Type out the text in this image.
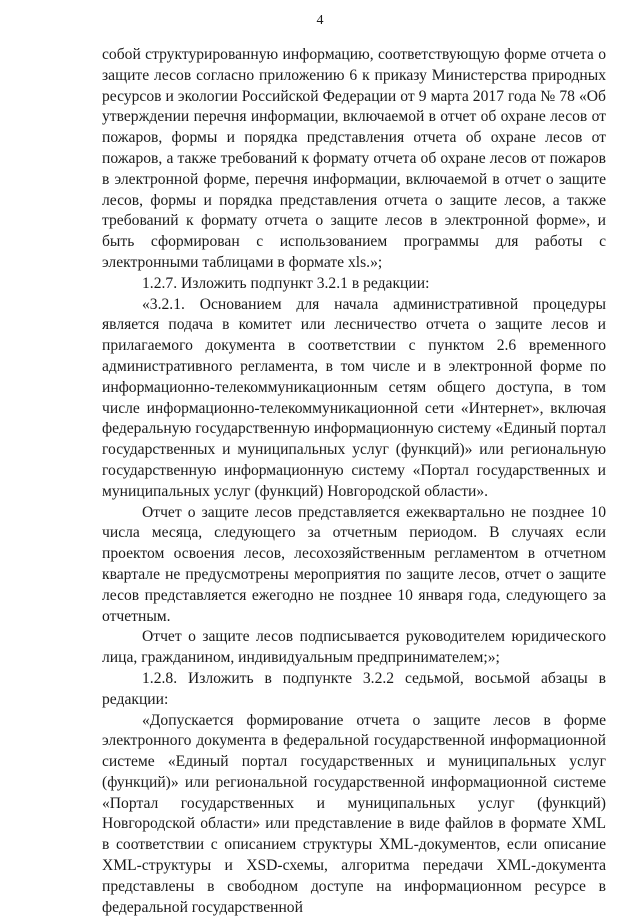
4

собой структурированную информацию, соответствующую форме отчета о защите лесов согласно приложению 6 к приказу Министерства природных ресурсов и экологии Российской Федерации от 9 марта 2017 года № 78 «Об утверждении перечня информации, включаемой в отчет об охране лесов от пожаров, формы и порядка представления отчета об охране лесов от пожаров, а также требований к формату отчета об охране лесов от пожаров в электронной форме, перечня информации, включаемой в отчет о защите лесов, формы и порядка представления отчета о защите лесов, а также требований к формату отчета о защите лесов в электронной форме», и быть сформирован с использованием программы для работы с электронными таблицами в формате xls.»;

1.2.7. Изложить подпункт 3.2.1 в редакции:

«3.2.1. Основанием для начала административной процедуры является подача в комитет или лесничество отчета о защите лесов и прилагаемого документа в соответствии с пунктом 2.6 временного административного регламента, в том числе и в электронной форме по информационно-телекоммуникационным сетям общего доступа, в том числе информационно-телекоммуникационной сети «Интернет», включая федеральную государственную информационную систему «Единый портал государственных и муниципальных услуг (функций)» или региональную государственную информационную систему «Портал государственных и муниципальных услуг (функций) Новгородской области».

Отчет о защите лесов представляется ежеквартально не позднее 10 числа месяца, следующего за отчетным периодом. В случаях если проектом освоения лесов, лесохозяйственным регламентом в отчетном квартале не предусмотрены мероприятия по защите лесов, отчет о защите лесов представляется ежегодно не позднее 10 января года, следующего за отчетным.

Отчет о защите лесов подписывается руководителем юридического лица, гражданином, индивидуальным предпринимателем;»;

1.2.8. Изложить в подпункте 3.2.2 седьмой, восьмой абзацы в редакции:

«Допускается формирование отчета о защите лесов в форме электронного документа в федеральной государственной информационной системе «Единый портал государственных и муниципальных услуг (функций)» или региональной государственной информационной системе «Портал государственных и муниципальных услуг (функций) Новгородской области» или представление в виде файлов в формате XML в соответствии с описанием структуры XML-документов, если описание XML-структуры и XSD-схемы, алгоритма передачи XML-документа представлены в свободном доступе на информационном ресурсе в федеральной государственной
